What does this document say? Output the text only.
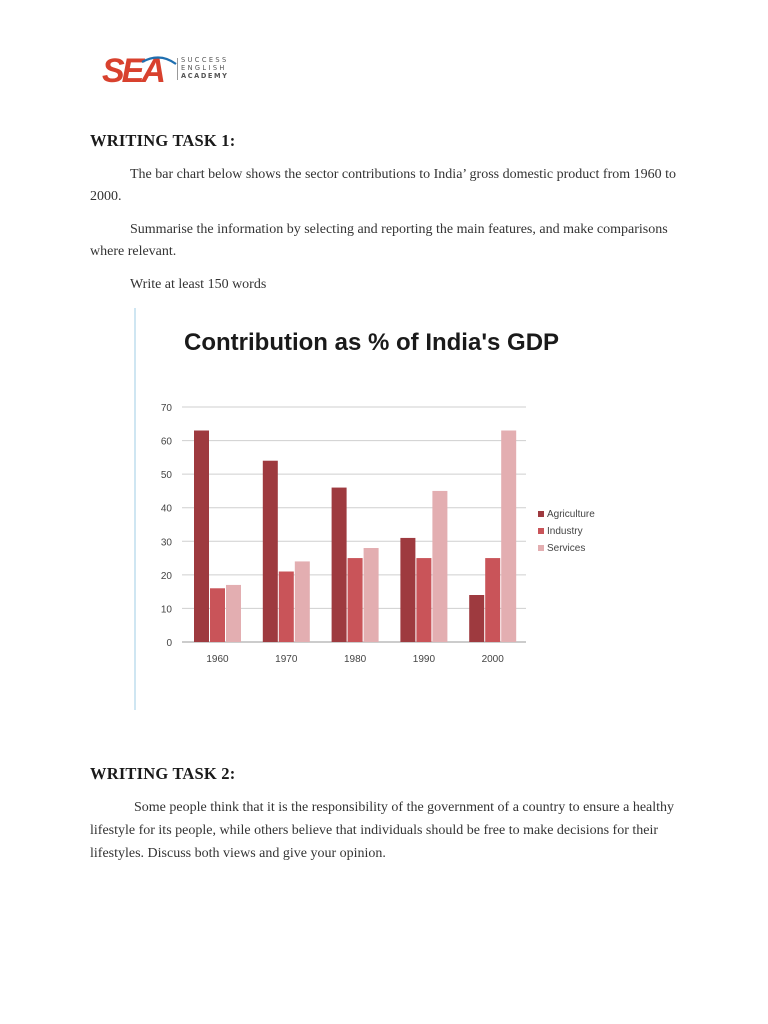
SEA	SUCCESS
ENGLISH
ACADEMY
WRITING TASK 1:

The bar chart below shows the sector contributions to India’ gross domestic product from 1960 to 2000.

Summarise the information by selecting and reporting the main features, and make comparisons where relevant.

Write at least 150 words

Contribution as % of India's GDP
0
10
20
30
40
50
60
70
1960	1970	1980	1990	2000
Agriculture
Industry
Services
WRITING TASK 2:

Some people think that it is the responsibility of the government of a country to ensure a healthy lifestyle for its people, while others believe that individuals should be free to make decisions for their lifestyles. Discuss both views and give your opinion.
